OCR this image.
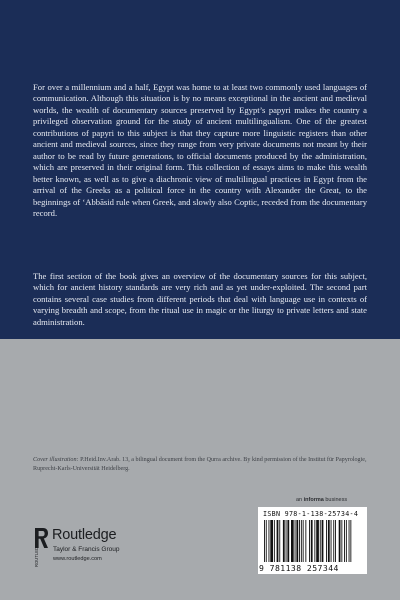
For over a millennium and a half, Egypt was home to at least two commonly used languages of communication. Although this situation is by no means exceptional in the ancient and medieval worlds, the wealth of documentary sources preserved by Egypt’s papyri makes the country a privileged observation ground for the study of ancient multilingualism. One of the greatest contributions of papyri to this subject is that they capture more linguistic registers than other ancient and medieval sources, since they range from very private documents not meant by their author to be read by future generations, to official documents produced by the administration, which are preserved in their original form. This collection of essays aims to make this wealth better known, as well as to give a diachronic view of multilingual practices in Egypt from the arrival of the Greeks as a political force in the country with Alexander the Great, to the beginnings of ‘Abbāsid rule when Greek, and slowly also Coptic, receded from the documentary record.

The first section of the book gives an overview of the documentary sources for this subject, which for ancient history standards are very rich and as yet under-exploited. The second part contains several case studies from different periods that deal with language use in contexts of varying breadth and scope, from the ritual use in magic or the liturgy to private letters and state administration.

Cover illustration: P.Heid.Inv.Arab. 13, a bilingual document from the Qurra archive. By kind permission of the Institut für Papyrologie, Ruprecht-Karls-Universität Heidelberg.

an informa business
ISBN 978-1-138-25734-4
9 781138 257344
ROUTLEDGE
Routledge
Taylor & Francis Group
www.routledge.com
